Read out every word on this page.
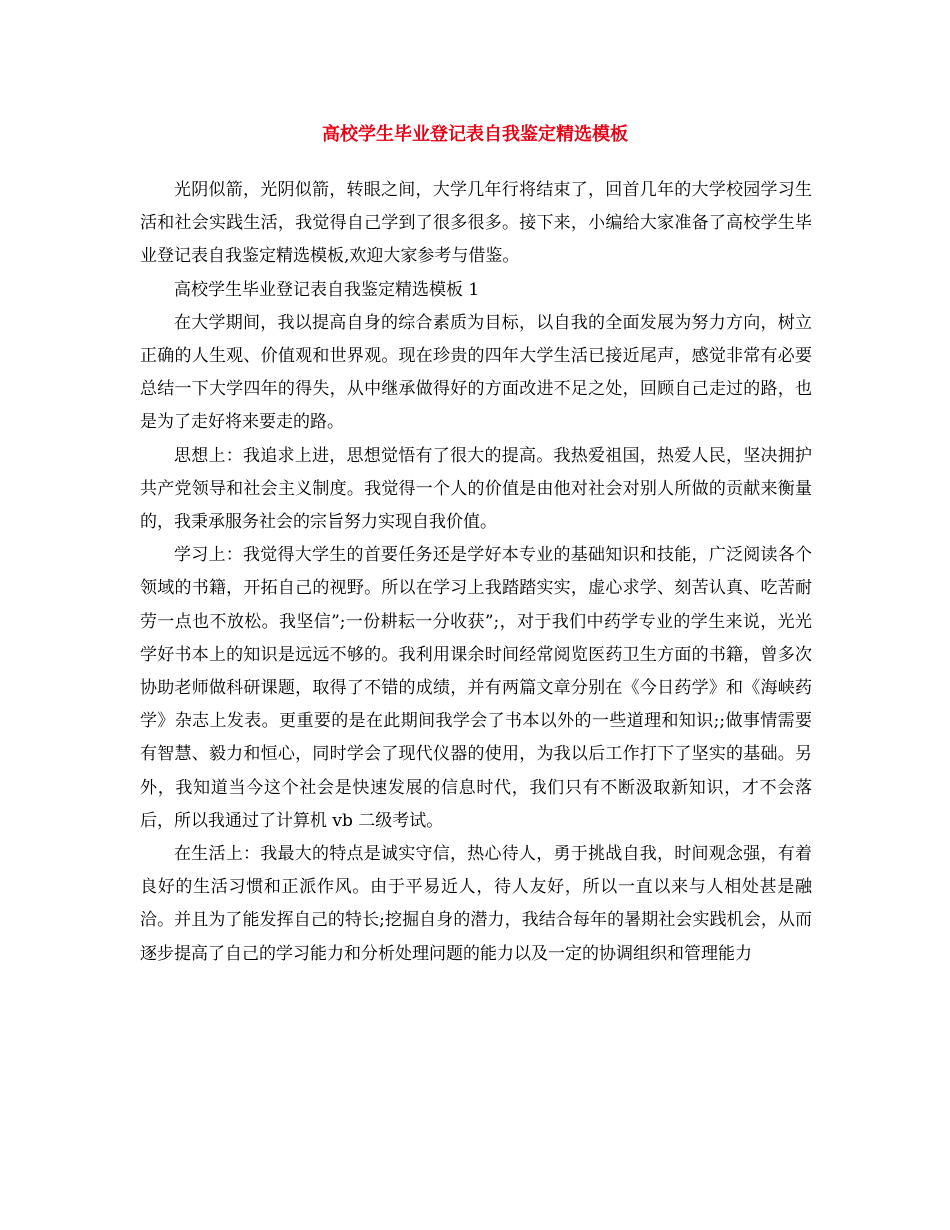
高校学生毕业登记表自我鉴定精选模板

光阴似箭，光阴似箭，转眼之间，大学几年行将结束了，回首几年的大学校园学习生活和社会实践生活，我觉得自己学到了很多很多。接下来，小编给大家准备了高校学生毕业登记表自我鉴定精选模板,欢迎大家参考与借鉴。

高校学生毕业登记表自我鉴定精选模板 1

在大学期间，我以提高自身的综合素质为目标，以自我的全面发展为努力方向，树立正确的人生观、价值观和世界观。现在珍贵的四年大学生活已接近尾声，感觉非常有必要总结一下大学四年的得失，从中继承做得好的方面改进不足之处，回顾自己走过的路，也是为了走好将来要走的路。

思想上：我追求上进，思想觉悟有了很大的提高。我热爱祖国，热爱人民，坚决拥护共产党领导和社会主义制度。我觉得一个人的价值是由他对社会对别人所做的贡献来衡量的，我秉承服务社会的宗旨努力实现自我价值。

学习上：我觉得大学生的首要任务还是学好本专业的基础知识和技能，广泛阅读各个领域的书籍，开拓自己的视野。所以在学习上我踏踏实实，虚心求学、刻苦认真、吃苦耐劳一点也不放松。我坚信”;一份耕耘一分收获”;，对于我们中药学专业的学生来说，光光学好书本上的知识是远远不够的。我利用课余时间经常阅览医药卫生方面的书籍，曾多次协助老师做科研课题，取得了不错的成绩，并有两篇文章分别在《今日药学》和《海峡药学》杂志上发表。更重要的是在此期间我学会了书本以外的一些道理和知识;;做事情需要有智慧、毅力和恒心，同时学会了现代仪器的使用，为我以后工作打下了坚实的基础。另外，我知道当今这个社会是快速发展的信息时代，我们只有不断汲取新知识，才不会落后，所以我通过了计算机 vb 二级考试。

在生活上：我最大的特点是诚实守信，热心待人，勇于挑战自我，时间观念强，有着良好的生活习惯和正派作风。由于平易近人，待人友好，所以一直以来与人相处甚是融洽。并且为了能发挥自己的特长;挖掘自身的潜力，我结合每年的暑期社会实践机会，从而逐步提高了自己的学习能力和分析处理问题的能力以及一定的协调组织和管理能力
